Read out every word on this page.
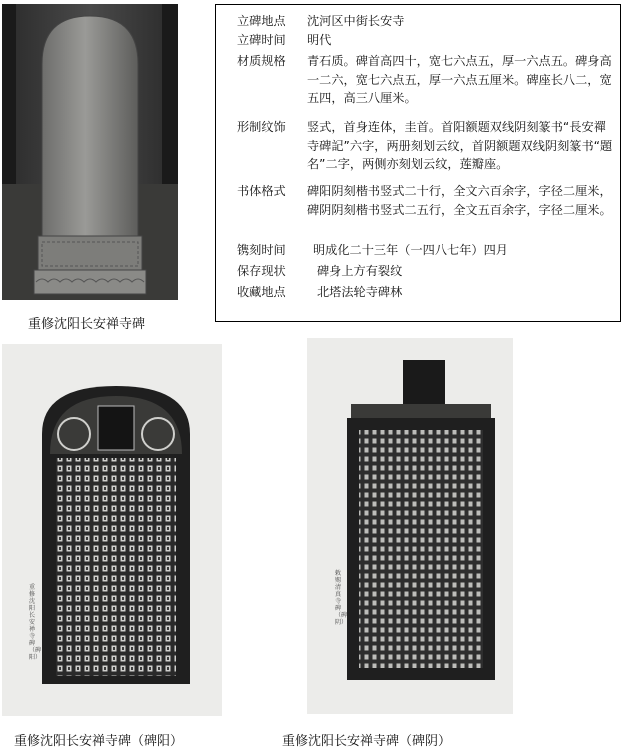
重修沈阳长安禅寺碑
立碑地点	沈河区中街长安寺
立碑时间	明代
材质规格	青石质。碑首高四十，宽七六点五，厚一六点五。碑身高一二六，宽七六点五，厚一六点五厘米。碑座长八二，宽五四，高三八厘米。
形制纹饰	竖式，首身连体，圭首。首阳额题双线阴刻篆书“長安禪寺碑記”六字，两册刻划云纹，首阴额题双线阴刻篆书“題名”二字，两侧亦刻划云纹，莲瓣座。
书体格式	碑阳阴刻楷书竖式二十行，全文六百余字，字径二厘米，碑阴阴刻楷书竖式二五行，全文五百余字，字径二厘米。
镌刻时间	明成化二十三年（一四八七年）四月
保存现状	碑身上方有裂纹
收藏地点	北塔法轮寺碑林
重修沈阳长安禅寺碑（碑阳）
重修沈阳长安禅寺碑（碑阳）
敕赐清真寺碑（碑阴）
重修沈阳长安禅寺碑（碑阴）
